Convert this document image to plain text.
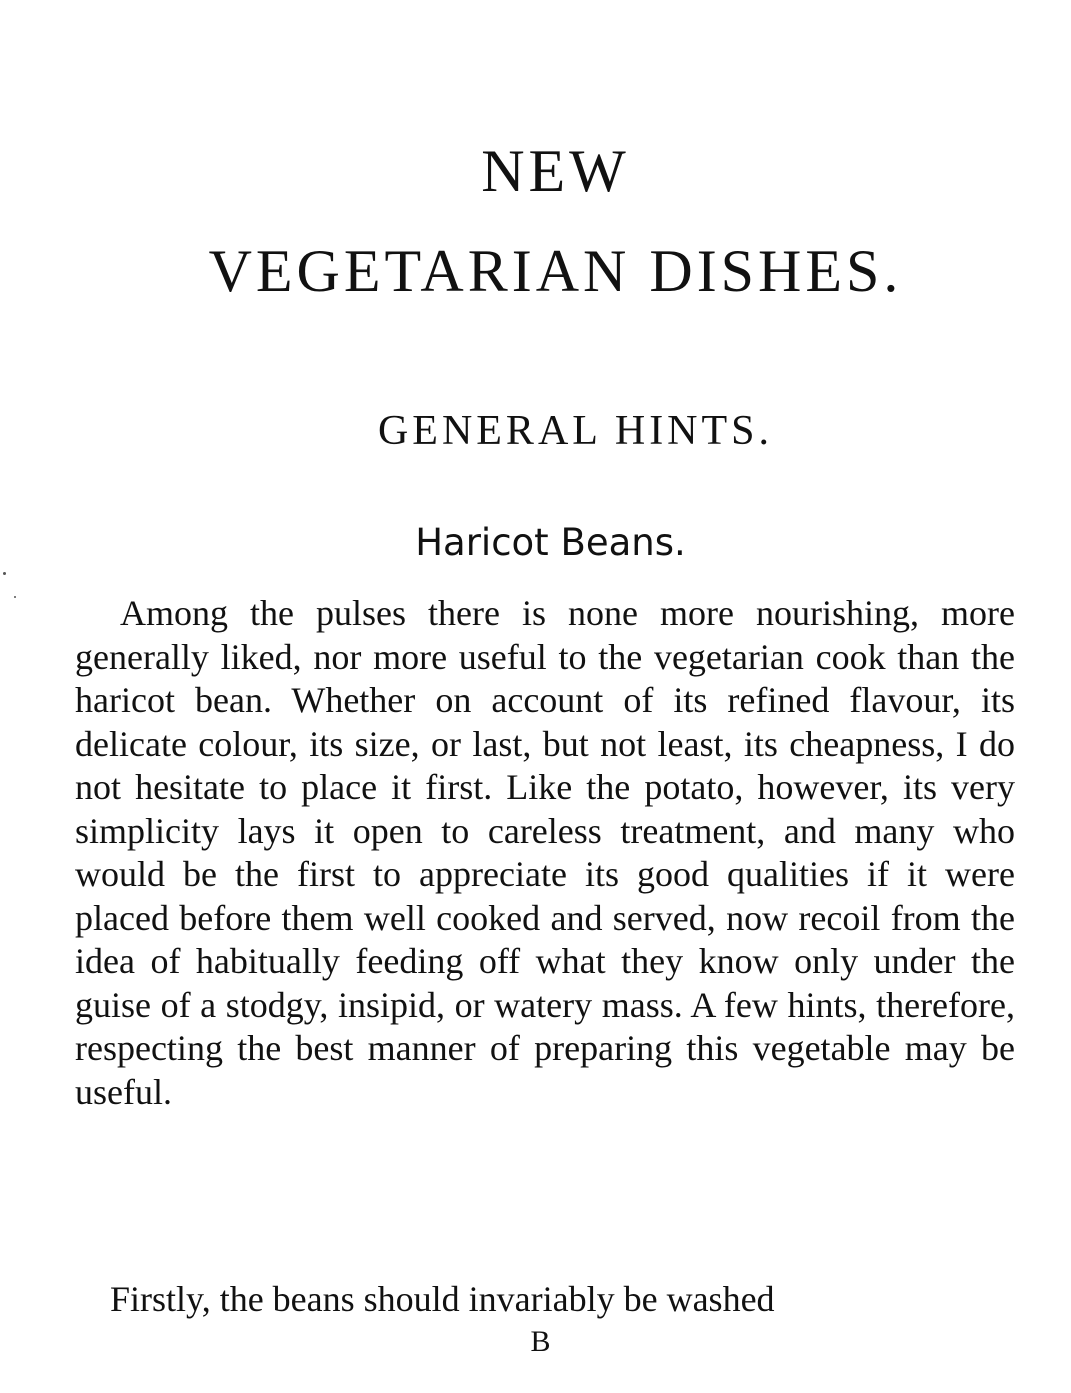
NEW
VEGETARIAN DISHES.
GENERAL HINTS.
Haricot Beans.

Among the pulses there is none more nourishing, more generally liked, nor more useful to the vegetarian cook than the haricot bean. Whether on account of its refined flavour, its delicate colour, its size, or last, but not least, its cheapness, I do not hesitate to place it first. Like the potato, however, its very simplicity lays it open to careless treatment, and many who would be the first to appreciate its good qualities if it were placed before them well cooked and served, now recoil from the idea of habitually feeding off what they know only under the guise of a stodgy, insipid, or watery mass. A few hints, therefore, respecting the best manner of preparing this vegetable may be useful.

Firstly, the beans should invariably be washed

B
